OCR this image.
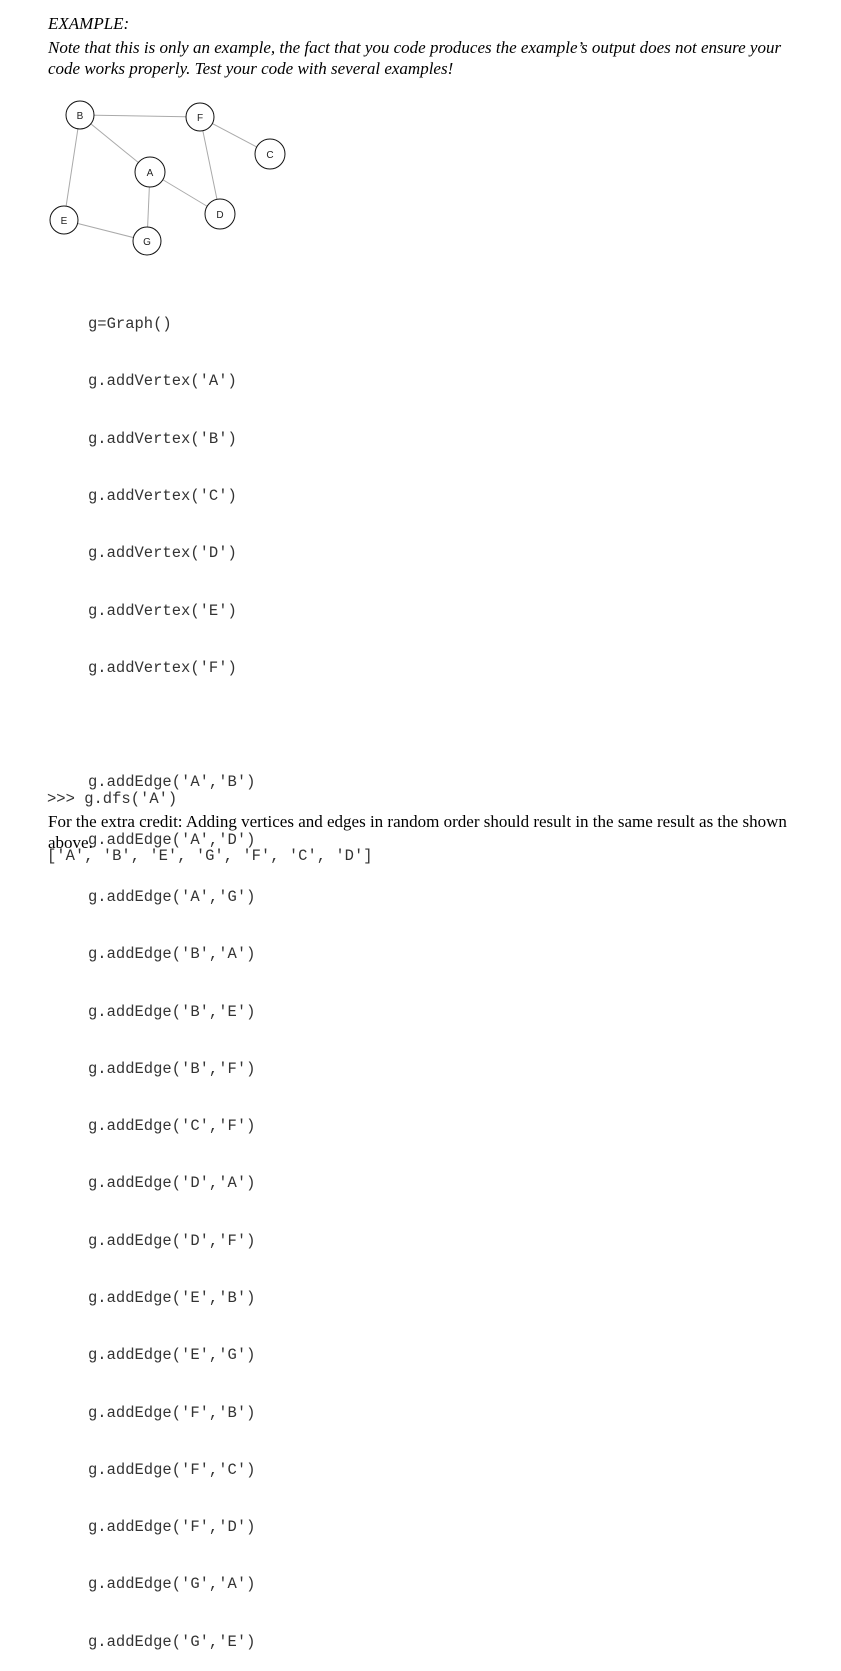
EXAMPLE:
Note that this is only an example, the fact that you code produces the example’s output does not ensure your code works properly. Test your code with several examples!
B	F
C
A
D
E
G

g=Graph()

g.addVertex('A')

g.addVertex('B')

g.addVertex('C')

g.addVertex('D')

g.addVertex('E')

g.addVertex('F')

g.addEdge('A','B')

g.addEdge('A','D')

g.addEdge('A','G')

g.addEdge('B','A')

g.addEdge('B','E')

g.addEdge('B','F')

g.addEdge('C','F')

g.addEdge('D','A')

g.addEdge('D','F')

g.addEdge('E','B')

g.addEdge('E','G')

g.addEdge('F','B')

g.addEdge('F','C')

g.addEdge('F','D')

g.addEdge('G','A')

g.addEdge('G','E')

>>> g.dfs('A')

['A', 'B', 'E', 'G', 'F', 'C', 'D']

For the extra credit: Adding vertices and edges in random order should result in the same result as the shown above.
